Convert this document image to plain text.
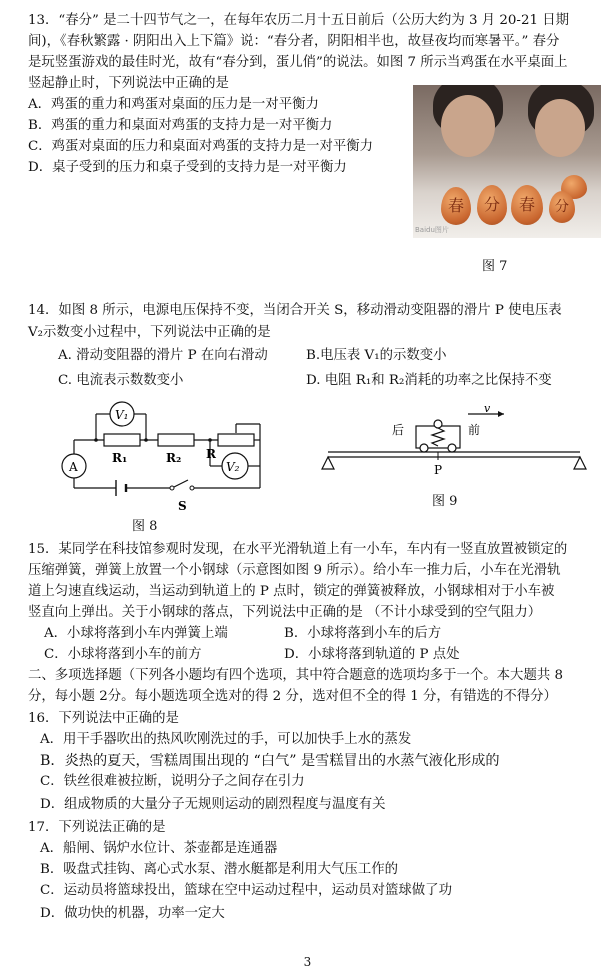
13．“春分” 是二十四节气之一，在每年农历二月十五日前后（公历大约为 3 月 20-21 日期
间)，《春秋繁露 · 阴阳出入上下篇》说：“春分者，阴阳相半也，故昼夜均而寒暑平。” 春分
是玩竖蛋游戏的最佳时光，故有“春分到，蛋儿俏”的说法。如图 7 所示当鸡蛋在水平桌面上
竖起静止时，下列说法中正确的是
A．鸡蛋的重力和鸡蛋对桌面的压力是一对平衡力
B．鸡蛋的重力和桌面对鸡蛋的支持力是一对平衡力
C．鸡蛋对桌面的压力和桌面对鸡蛋的支持力是一对平衡力
D．桌子受到的压力和桌子受到的支持力是一对平衡力
春	分	春	分
Baidu图片
图 7
14．如图 8 所示，电源电压保持不变，当闭合开关 S，移动滑动变阻器的滑片 P 使电压表
V₂示数变小过程中，下列说法中正确的是
A. 滑动变阻器的滑片 P 在向右滑动	B.电压表 V₁的示数变小
C. 电流表示数数变小	D. 电阻 R₁和 R₂消耗的功率之比保持不变
V₁
A
R₁	R₂ R
V₂
S
图 8
后	前
v
P
图 9
15．某同学在科技馆参观时发现，在水平光滑轨道上有一小车，车内有一竖直放置被锁定的
压缩弹簧，弹簧上放置一个小钢球（示意图如图 9 所示）。给小车一推力后，小车在光滑轨
道上匀速直线运动，当运动到轨道上的 P 点时，锁定的弹簧被释放，小钢球相对于小车被
竖直向上弹出。关于小钢球的落点，下列说法中正确的是 （不计小球受到的空气阻力）
A．小球将落到小车内弹簧上端	B．小球将落到小车的后方
C．小球将落到小车的前方	D．小球将落到轨道的 P 点处
二、多项选择题（下列各小题均有四个选项，其中符合题意的选项均多于一个。本大题共 8
分，每小题 2分。每小题选项全选对的得 2 分，选对但不全的得 1 分，有错选的不得分）
16．下列说法中正确的是
A．用干手器吹出的热风吹刚洗过的手，可以加快手上水的蒸发
B．炎热的夏天，雪糕周围出现的 “白气” 是雪糕冒出的水蒸气液化形成的
C．铁丝很难被拉断，说明分子之间存在引力
D．组成物质的大量分子无规则运动的剧烈程度与温度有关
17．下列说法正确的是
A．船闸、锅炉水位计、茶壶都是连通器
B．吸盘式挂钩、离心式水泵、潜水艇都是利用大气压工作的
C．运动员将篮球投出，篮球在空中运动过程中，运动员对篮球做了功
D．做功快的机器，功率一定大
3
